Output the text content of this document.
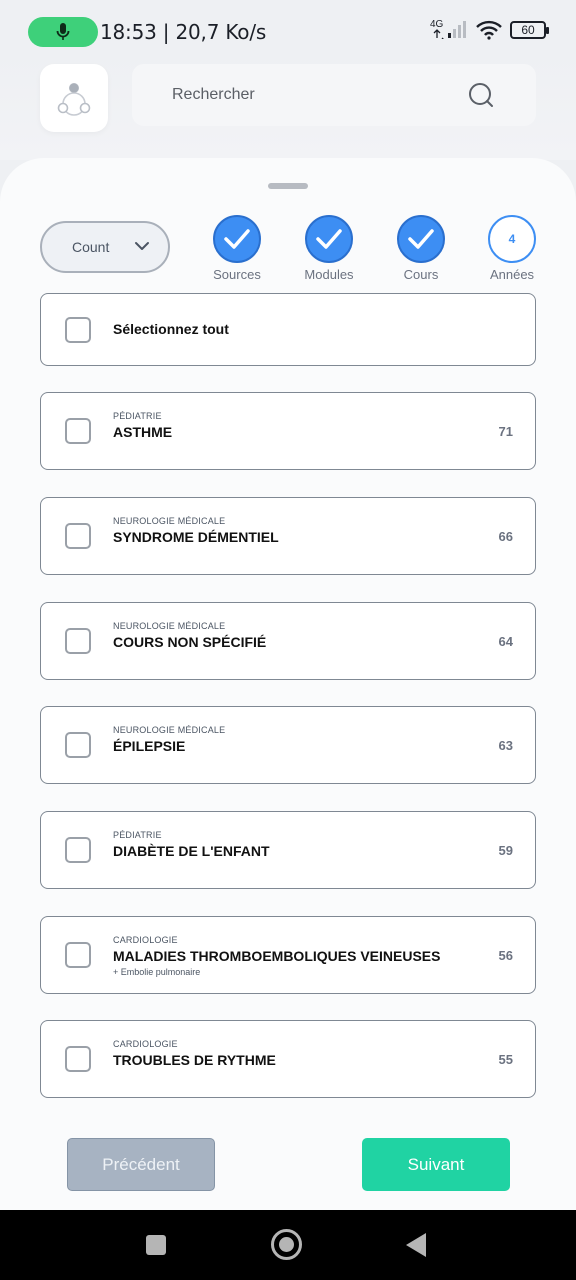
18:53 | 20,7 Ko/s	4G	60
Rechercher
Count
Sources	Modules	Cours
4
Années
Sélectionnez tout
PÉDIATRIE
ASTHME	71
NEUROLOGIE MÉDICALE
SYNDROME DÉMENTIEL	66
NEUROLOGIE MÉDICALE
COURS NON SPÉCIFIÉ	64
NEUROLOGIE MÉDICALE
ÉPILEPSIE	63
PÉDIATRIE
DIABÈTE DE L'ENFANT	59
CARDIOLOGIE
MALADIES THROMBOEMBOLIQUES VEINEUSES
+ Embolie pulmonaire
56
CARDIOLOGIE
TROUBLES DE RYTHME	55
Précédent	Suivant
